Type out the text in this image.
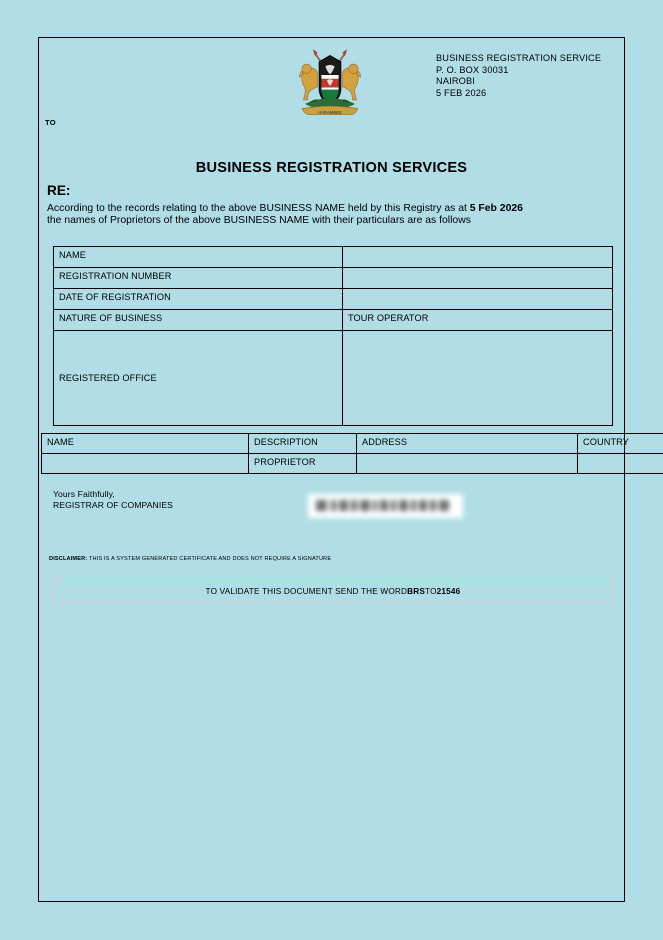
HARAMBEE
BUSINESS REGISTRATION SERVICE
P. O. BOX 30031
NAIROBI
5 FEB 2026
TO
BUSINESS REGISTRATION SERVICES
RE:
According to the records relating to the above BUSINESS NAME held by this Registry as at 5 Feb 2026
the names of Proprietors of the above BUSINESS NAME with their particulars are as follows
NAME	
REGISTRATION NUMBER	
DATE OF REGISTRATION	
NATURE OF BUSINESS	TOUR OPERATOR
REGISTERED OFFICE	
NAME	DESCRIPTION	ADDRESS	COUNTRY
	PROPRIETOR		
Yours Faithfully,
REGISTRAR OF COMPANIES
DISCLAIMER: THIS IS A SYSTEM GENERATED CERTIFICATE AND DOES NOT REQUIRE A SIGNATURE
TO VALIDATE THIS DOCUMENT SEND THE WORD BRS TO 21546
